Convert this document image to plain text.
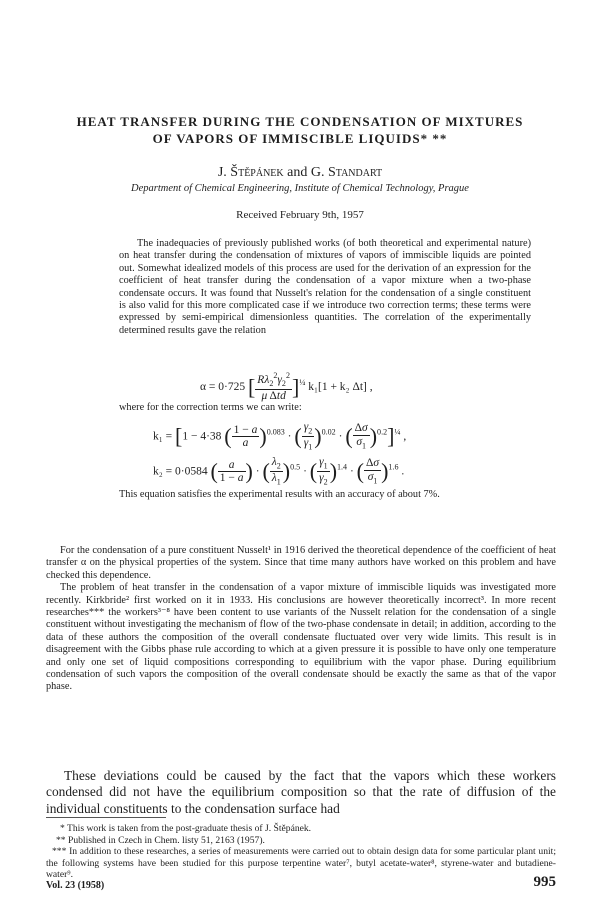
HEAT TRANSFER DURING THE CONDENSATION OF MIXTURES
OF VAPORS OF IMMISCIBLE LIQUIDS* **
J. Štěpánek and G. Standart
Department of Chemical Engineering, Institute of Chemical Technology, Prague
Received February 9th, 1957

The inadequacies of previously published works (of both theoretical and experimental nature) on heat transfer during the condensation of mixtures of vapors of immiscible liquids are pointed out. Somewhat idealized models of this process are used for the derivation of an expression for the coefficient of heat transfer during the condensation of a vapor mixture when a two-phase condensate occurs. It was found that Nusselt's relation for the condensation of a single constituent is also valid for this more complicated case if we introduce two correction terms; these terms were expressed by semi-empirical dimensionless quantities. The correlation of the experimentally determined results gave the relation

α = 0·725 [ $\frac{R\lambda_2^2\gamma_2^2}{\text{μ Δtd}} ]^{\frac{1}{4}}$ k₁[1 + k₂ Δt] ,
where for the correction terms we can write:
k₁ = [1 − 4·38 ( $\frac{1 - a}{a} )^{0.083}$ · ( $\frac{\gamma_2}{\gamma_1} )^{0.02}$ · ( $\frac{\Delta\sigma}{\sigma_1} )^{0.2}]^{\frac{1}{4}}$ ,
k₂ = 0·0584 ( $\frac{a}{1 - a}$ ) · ( $\frac{\lambda_2}{\lambda_1} )^{0.5}$ · ( $\frac{\gamma_1}{\gamma_2} )^{1.4}$ · ( $\frac{\Delta\sigma}{\sigma_1} )^{1.6}$ .
This equation satisfies the experimental results with an accuracy of about 7%.

For the condensation of a pure constituent Nusselt¹ in 1916 derived the theoretical dependence of the coefficient of heat transfer α on the physical properties of the system. Since that time many authors have worked on this problem and have checked this dependence.

The problem of heat transfer in the condensation of a vapor mixture of immiscible liquids was investigated more recently. Kirkbride² first worked on it in 1933. His conclusions are however theoretically incorrect³. In more recent researches*** the workers³⁻⁸ have been content to use variants of the Nusselt relation for the condensation of a single constituent without investigating the mechanism of flow of the two-phase condensate in detail; in addition, according to the data of these authors the composition of the overall condensate fluctuated over very wide limits. This result is in disagreement with the Gibbs phase rule according to which at a given pressure it is possible to have only one temperature and only one set of liquid compositions corresponding to equilibrium with the vapor phase. During equilibrium condensation of such vapors the composition of the overall condensate should be exactly the same as that of the vapor phase.

These deviations could be caused by the fact that the vapors which these workers condensed did not have the equilibrium composition so that the rate of diffusion of the individual constituents to the condensation surface had

* This work is taken from the post-graduate thesis of J. Štěpánek.

** Published in Czech in Chem. listy 51, 2163 (1957).

*** In addition to these researches, a series of measurements were carried out to obtain design data for some particular plant unit; the following systems have been studied for this purpose terpentine water⁷, butyl acetate-water⁸, styrene-water and butadiene-water⁹.

Vol. 23 (1958)	995
